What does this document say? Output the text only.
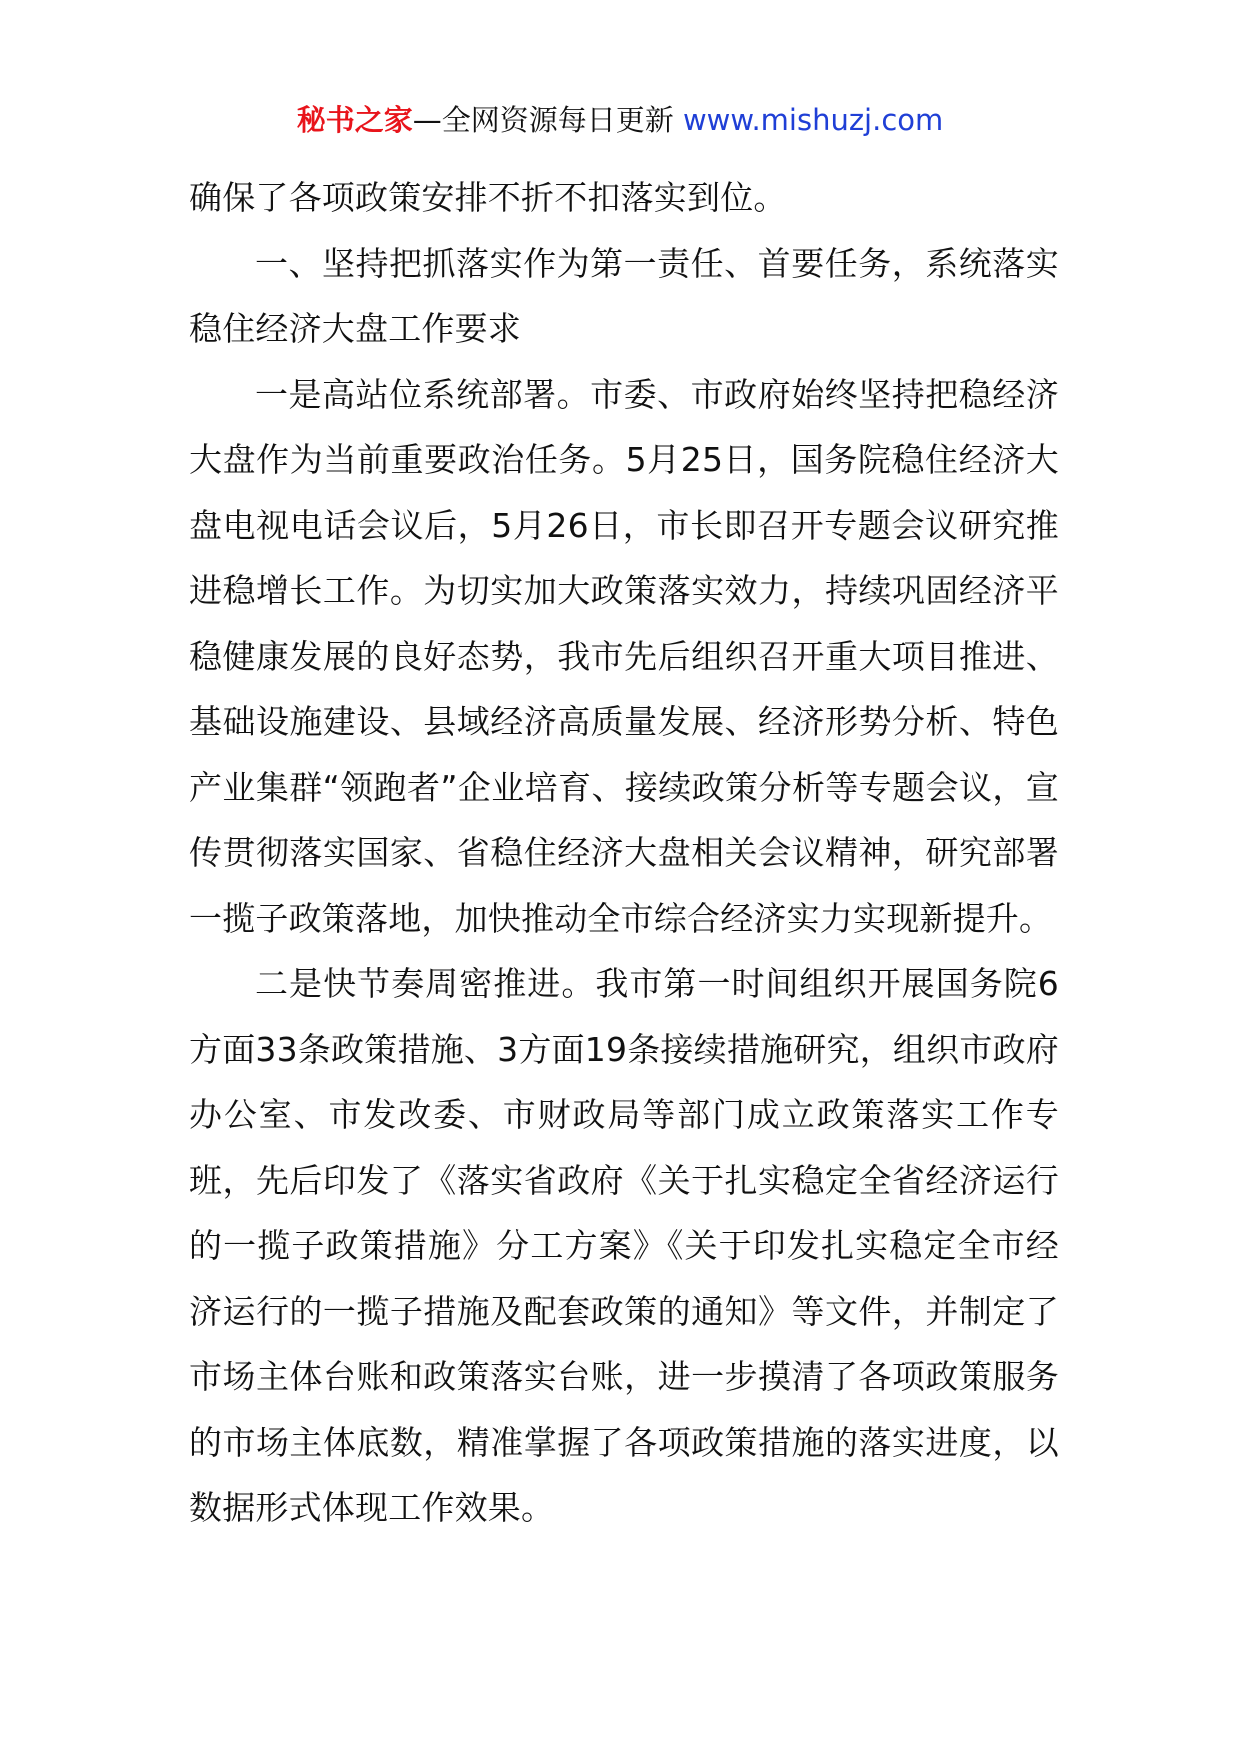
秘书之家—全网资源每日更新 www.mishuzj.com

确保了各项政策安排不折不扣落实到位。

一、坚持把抓落实作为第一责任、首要任务，系统落实稳住经济大盘工作要求

一是高站位系统部署。市委、市政府始终坚持把稳经济大盘作为当前重要政治任务。5月25日，国务院稳住经济大盘电视电话会议后，5月26日，市长即召开专题会议研究推进稳增长工作。为切实加大政策落实效力，持续巩固经济平稳健康发展的良好态势，我市先后组织召开重大项目推进、基础设施建设、县域经济高质量发展、经济形势分析、特色产业集群“领跑者”企业培育、接续政策分析等专题会议，宣传贯彻落实国家、省稳住经济大盘相关会议精神，研究部署一揽子政策落地，加快推动全市综合经济实力实现新提升。

二是快节奏周密推进。我市第一时间组织开展国务院6方面33条政策措施、3方面19条接续措施研究，组织市政府办公室、市发改委、市财政局等部门成立政策落实工作专班，先后印发了《落实省政府《关于扎实稳定全省经济运行的一揽子政策措施》分工方案》《关于印发扎实稳定全市经济运行的一揽子措施及配套政策的通知》等文件，并制定了市场主体台账和政策落实台账，进一步摸清了各项政策服务的市场主体底数，精准掌握了各项政策措施的落实进度，以数据形式体现工作效果。
